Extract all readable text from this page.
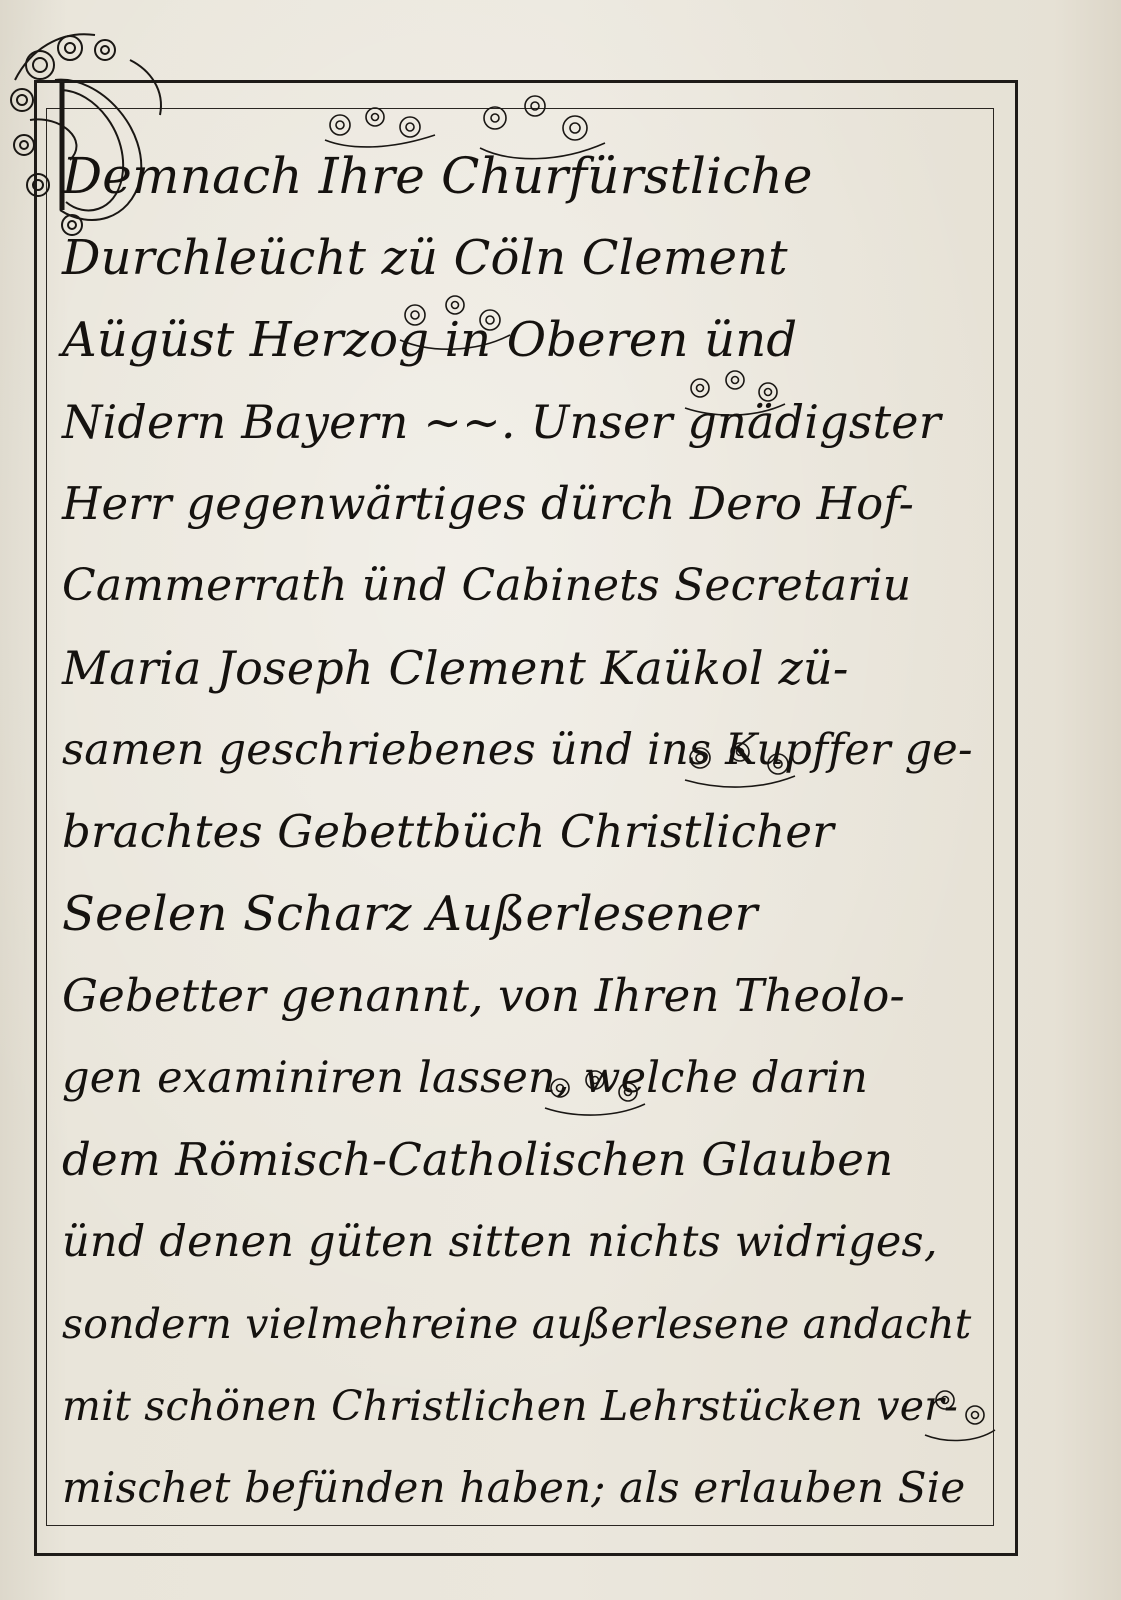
Demnach Ihre Churfürstliche
Durchleücht zü Cöln Clement
Aügüst Herzog in Oberen ünd
Nidern Bayern ∼∼. Unser gnädigster
Herr gegenwärtiges dürch Dero Hof-
Cammerrath ünd Cabinets Secretariu
Maria Joseph Clement Kaükol zü-
samen geschriebenes ünd ins Kupffer ge-
brachtes Gebettbüch Christlicher
Seelen Scharz Außerlesener
Gebetter genannt, von Ihren Theolo-
gen examiniren lassen, welche darin
dem Römisch-Catholischen Glauben
ünd denen güten sitten nichts widriges,
sondern vielmehreine außerlesene andacht
mit schönen Christlichen Lehrstücken ver-
mischet befünden haben; als erlauben Sie
